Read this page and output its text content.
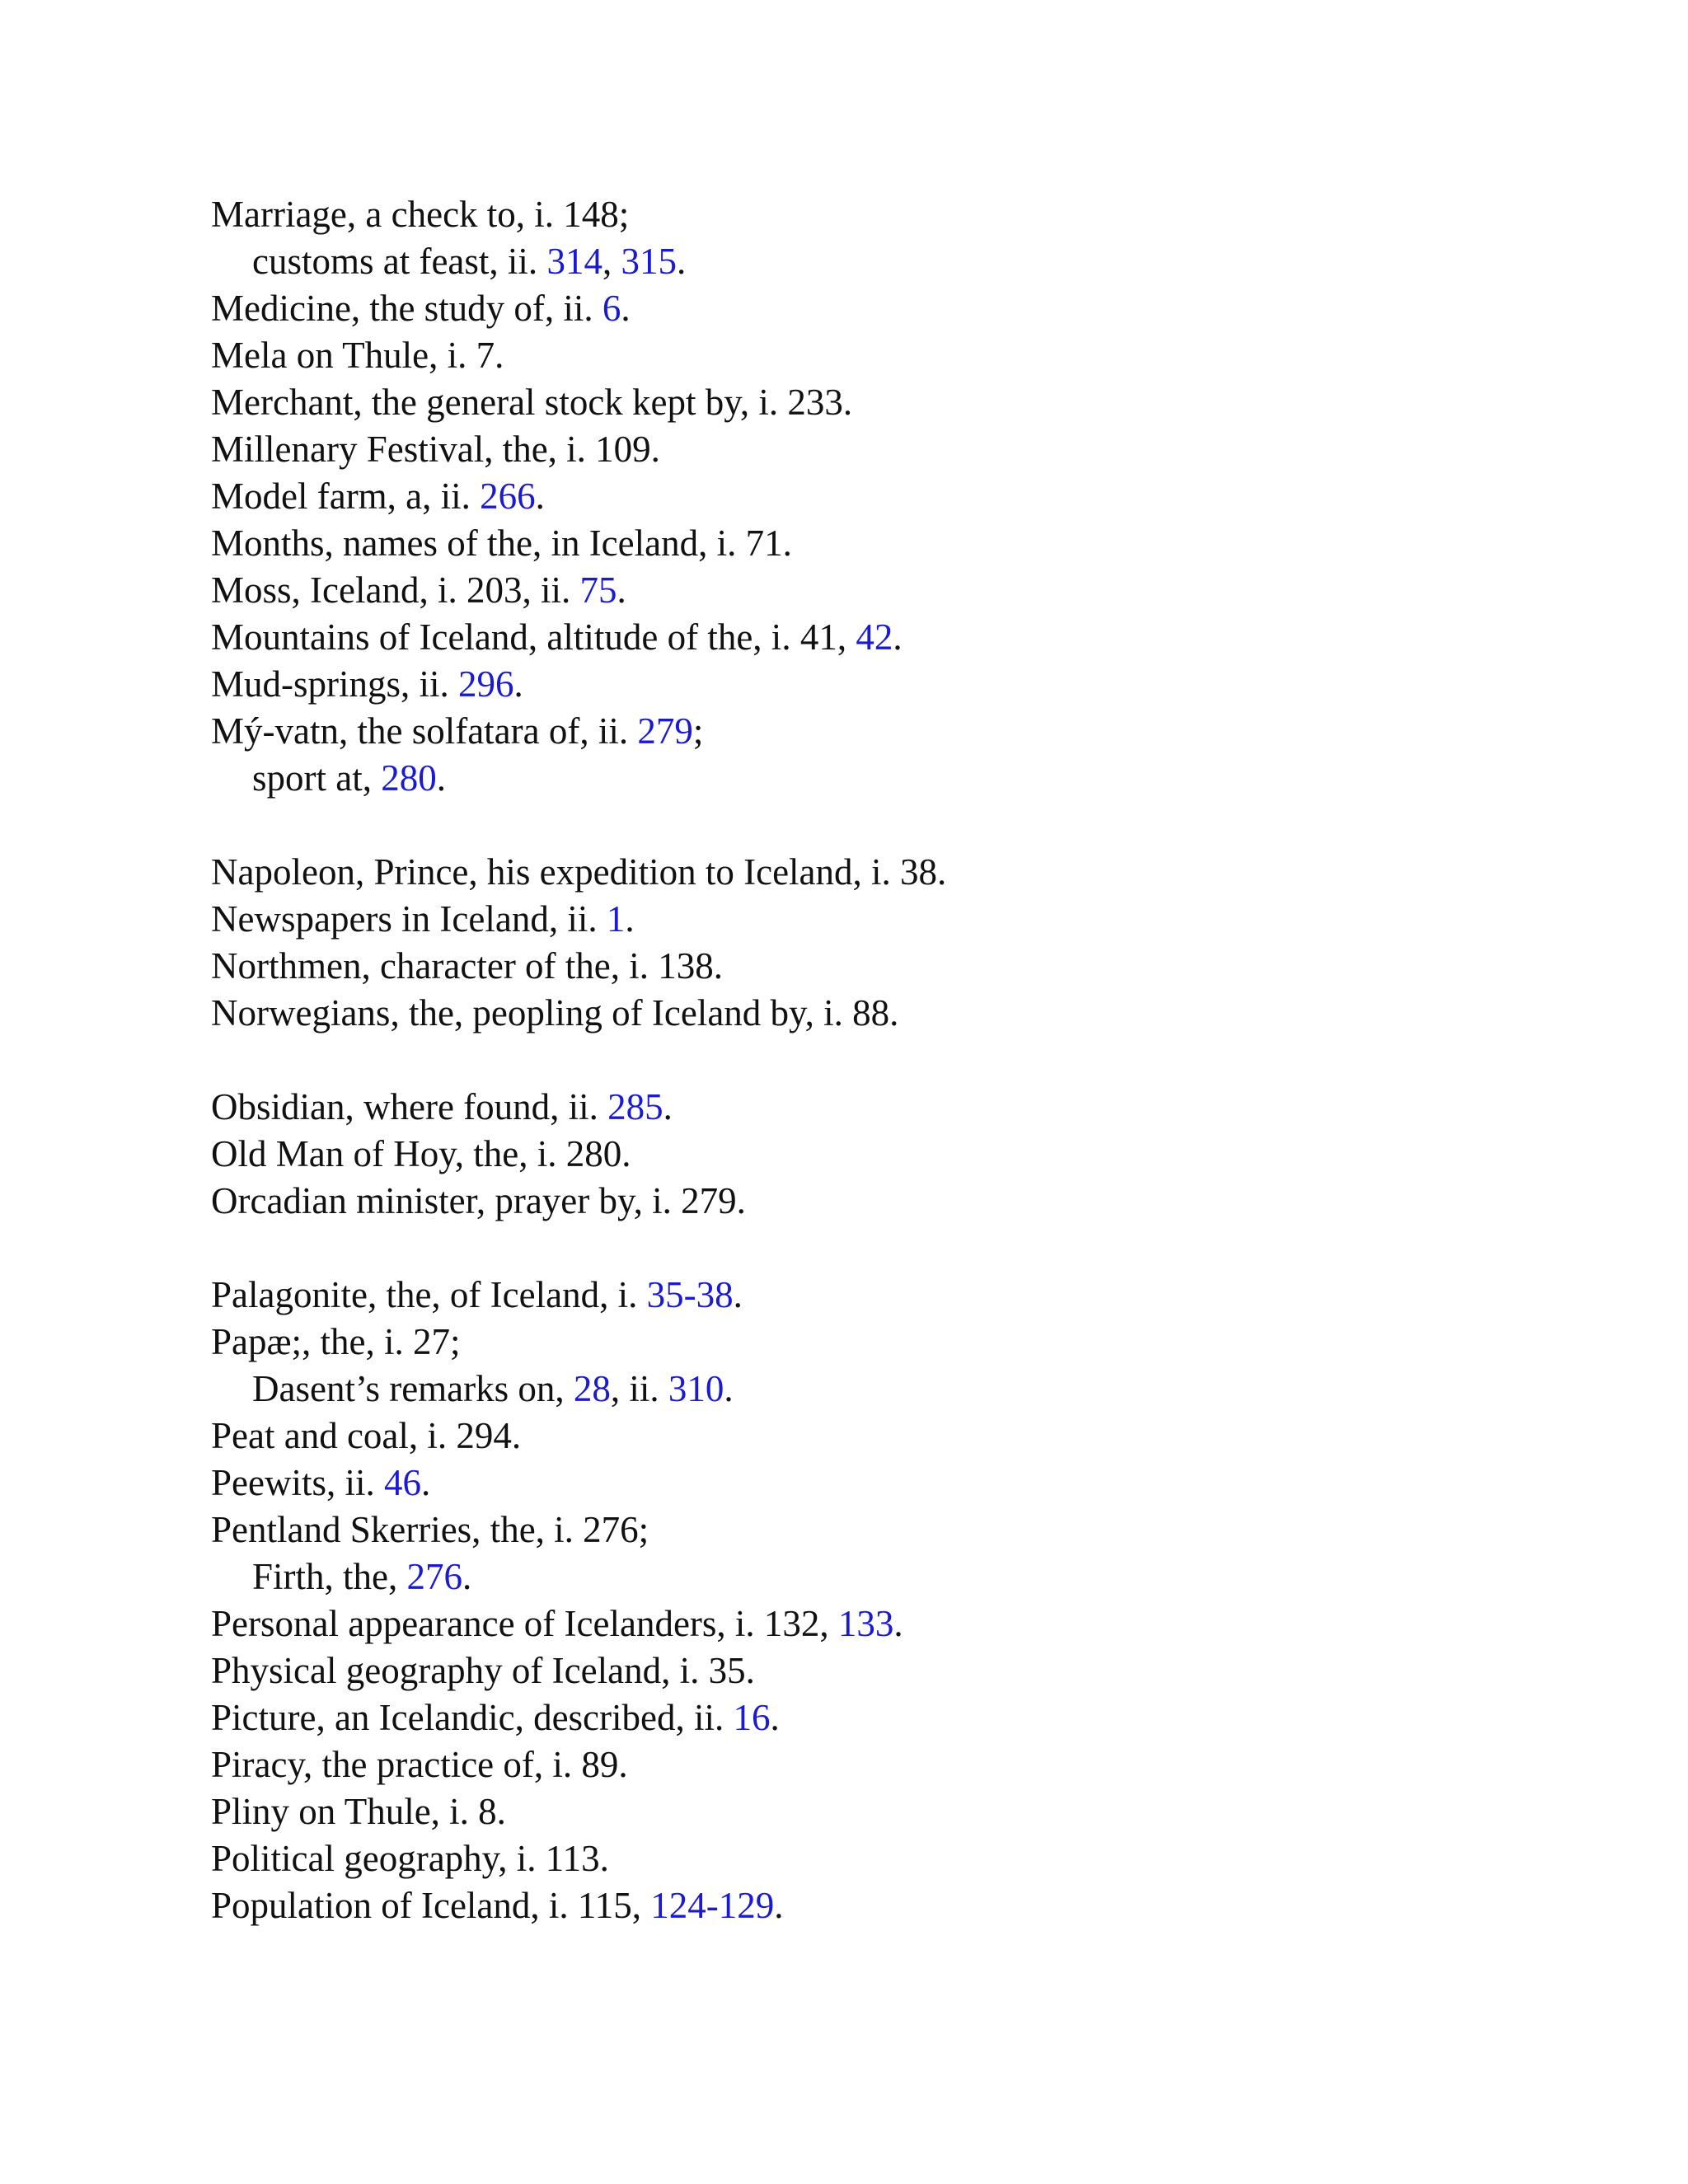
Marriage, a check to, i. 148;
customs at feast, ii. 314, 315.
Medicine, the study of, ii. 6.
Mela on Thule, i. 7.
Merchant, the general stock kept by, i. 233.
Millenary Festival, the, i. 109.
Model farm, a, ii. 266.
Months, names of the, in Iceland, i. 71.
Moss, Iceland, i. 203, ii. 75.
Mountains of Iceland, altitude of the, i. 41, 42.
Mud-springs, ii. 296.
Mý-vatn, the solfatara of, ii. 279;
sport at, 280.
Napoleon, Prince, his expedition to Iceland, i. 38.
Newspapers in Iceland, ii. 1.
Northmen, character of the, i. 138.
Norwegians, the, peopling of Iceland by, i. 88.
Obsidian, where found, ii. 285.
Old Man of Hoy, the, i. 280.
Orcadian minister, prayer by, i. 279.
Palagonite, the, of Iceland, i. 35-38.
Papæ;, the, i. 27;
Dasent’s remarks on, 28, ii. 310.
Peat and coal, i. 294.
Peewits, ii. 46.
Pentland Skerries, the, i. 276;
Firth, the, 276.
Personal appearance of Icelanders, i. 132, 133.
Physical geography of Iceland, i. 35.
Picture, an Icelandic, described, ii. 16.
Piracy, the practice of, i. 89.
Pliny on Thule, i. 8.
Political geography, i. 113.
Population of Iceland, i. 115, 124-129.
